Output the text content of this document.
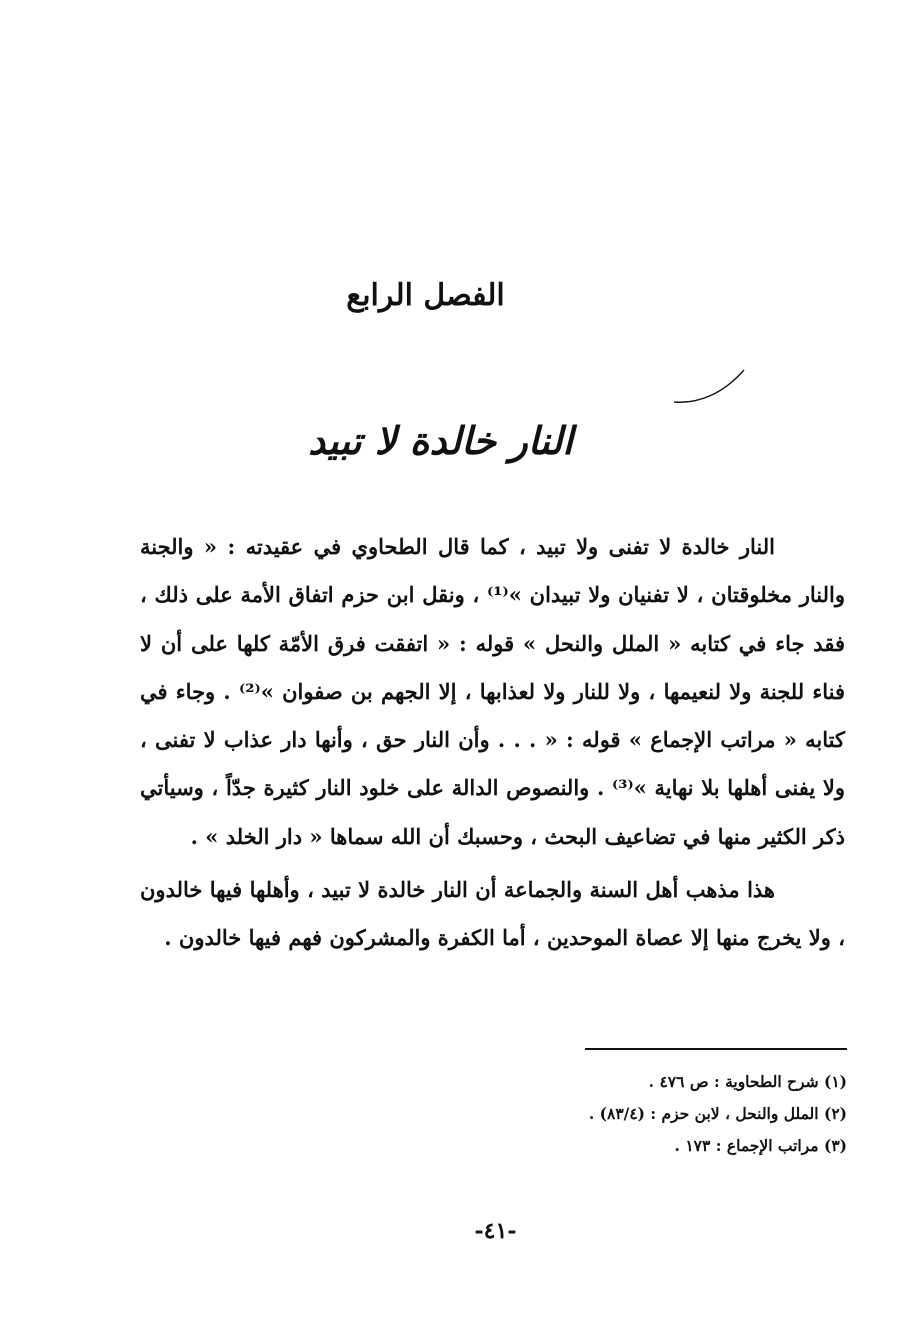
الفصل الرابع
النار خالدة لا تبيد

النار خالدة لا تفنى ولا تبيد ، كما قال الطحاوي في عقيدته : « والجنة والنار مخلوقتان ، لا تفنيان ولا تبيدان »⁽¹⁾ ، ونقل ابن حزم اتفاق الأمة على ذلك ، فقد جاء في كتابه « الملل والنحل » قوله : « اتفقت فرق الأمّة كلها على أن لا فناء للجنة ولا لنعيمها ، ولا للنار ولا لعذابها ، إلا الجهم بن صفوان »⁽²⁾ . وجاء في كتابه « مراتب الإجماع » قوله : « . . . وأن النار حق ، وأنها دار عذاب لا تفنى ، ولا يفنى أهلها بلا نهاية »⁽³⁾ . والنصوص الدالة على خلود النار كثيرة جدّاً ، وسيأتي ذكر الكثير منها في تضاعيف البحث ، وحسبك أن الله سماها « دار الخلد » .

هذا مذهب أهل السنة والجماعة أن النار خالدة لا تبيد ، وأهلها فيها خالدون ، ولا يخرج منها إلا عصاة الموحدين ، أما الكفرة والمشركون فهم فيها خالدون .

(١) شرح الطحاوية : ص ٤٧٦ .
(٢) الملل والنحل ، لابن حزم : (٨٣/٤) .
(٣) مراتب الإجماع : ١٧٣ .
-٤١-
